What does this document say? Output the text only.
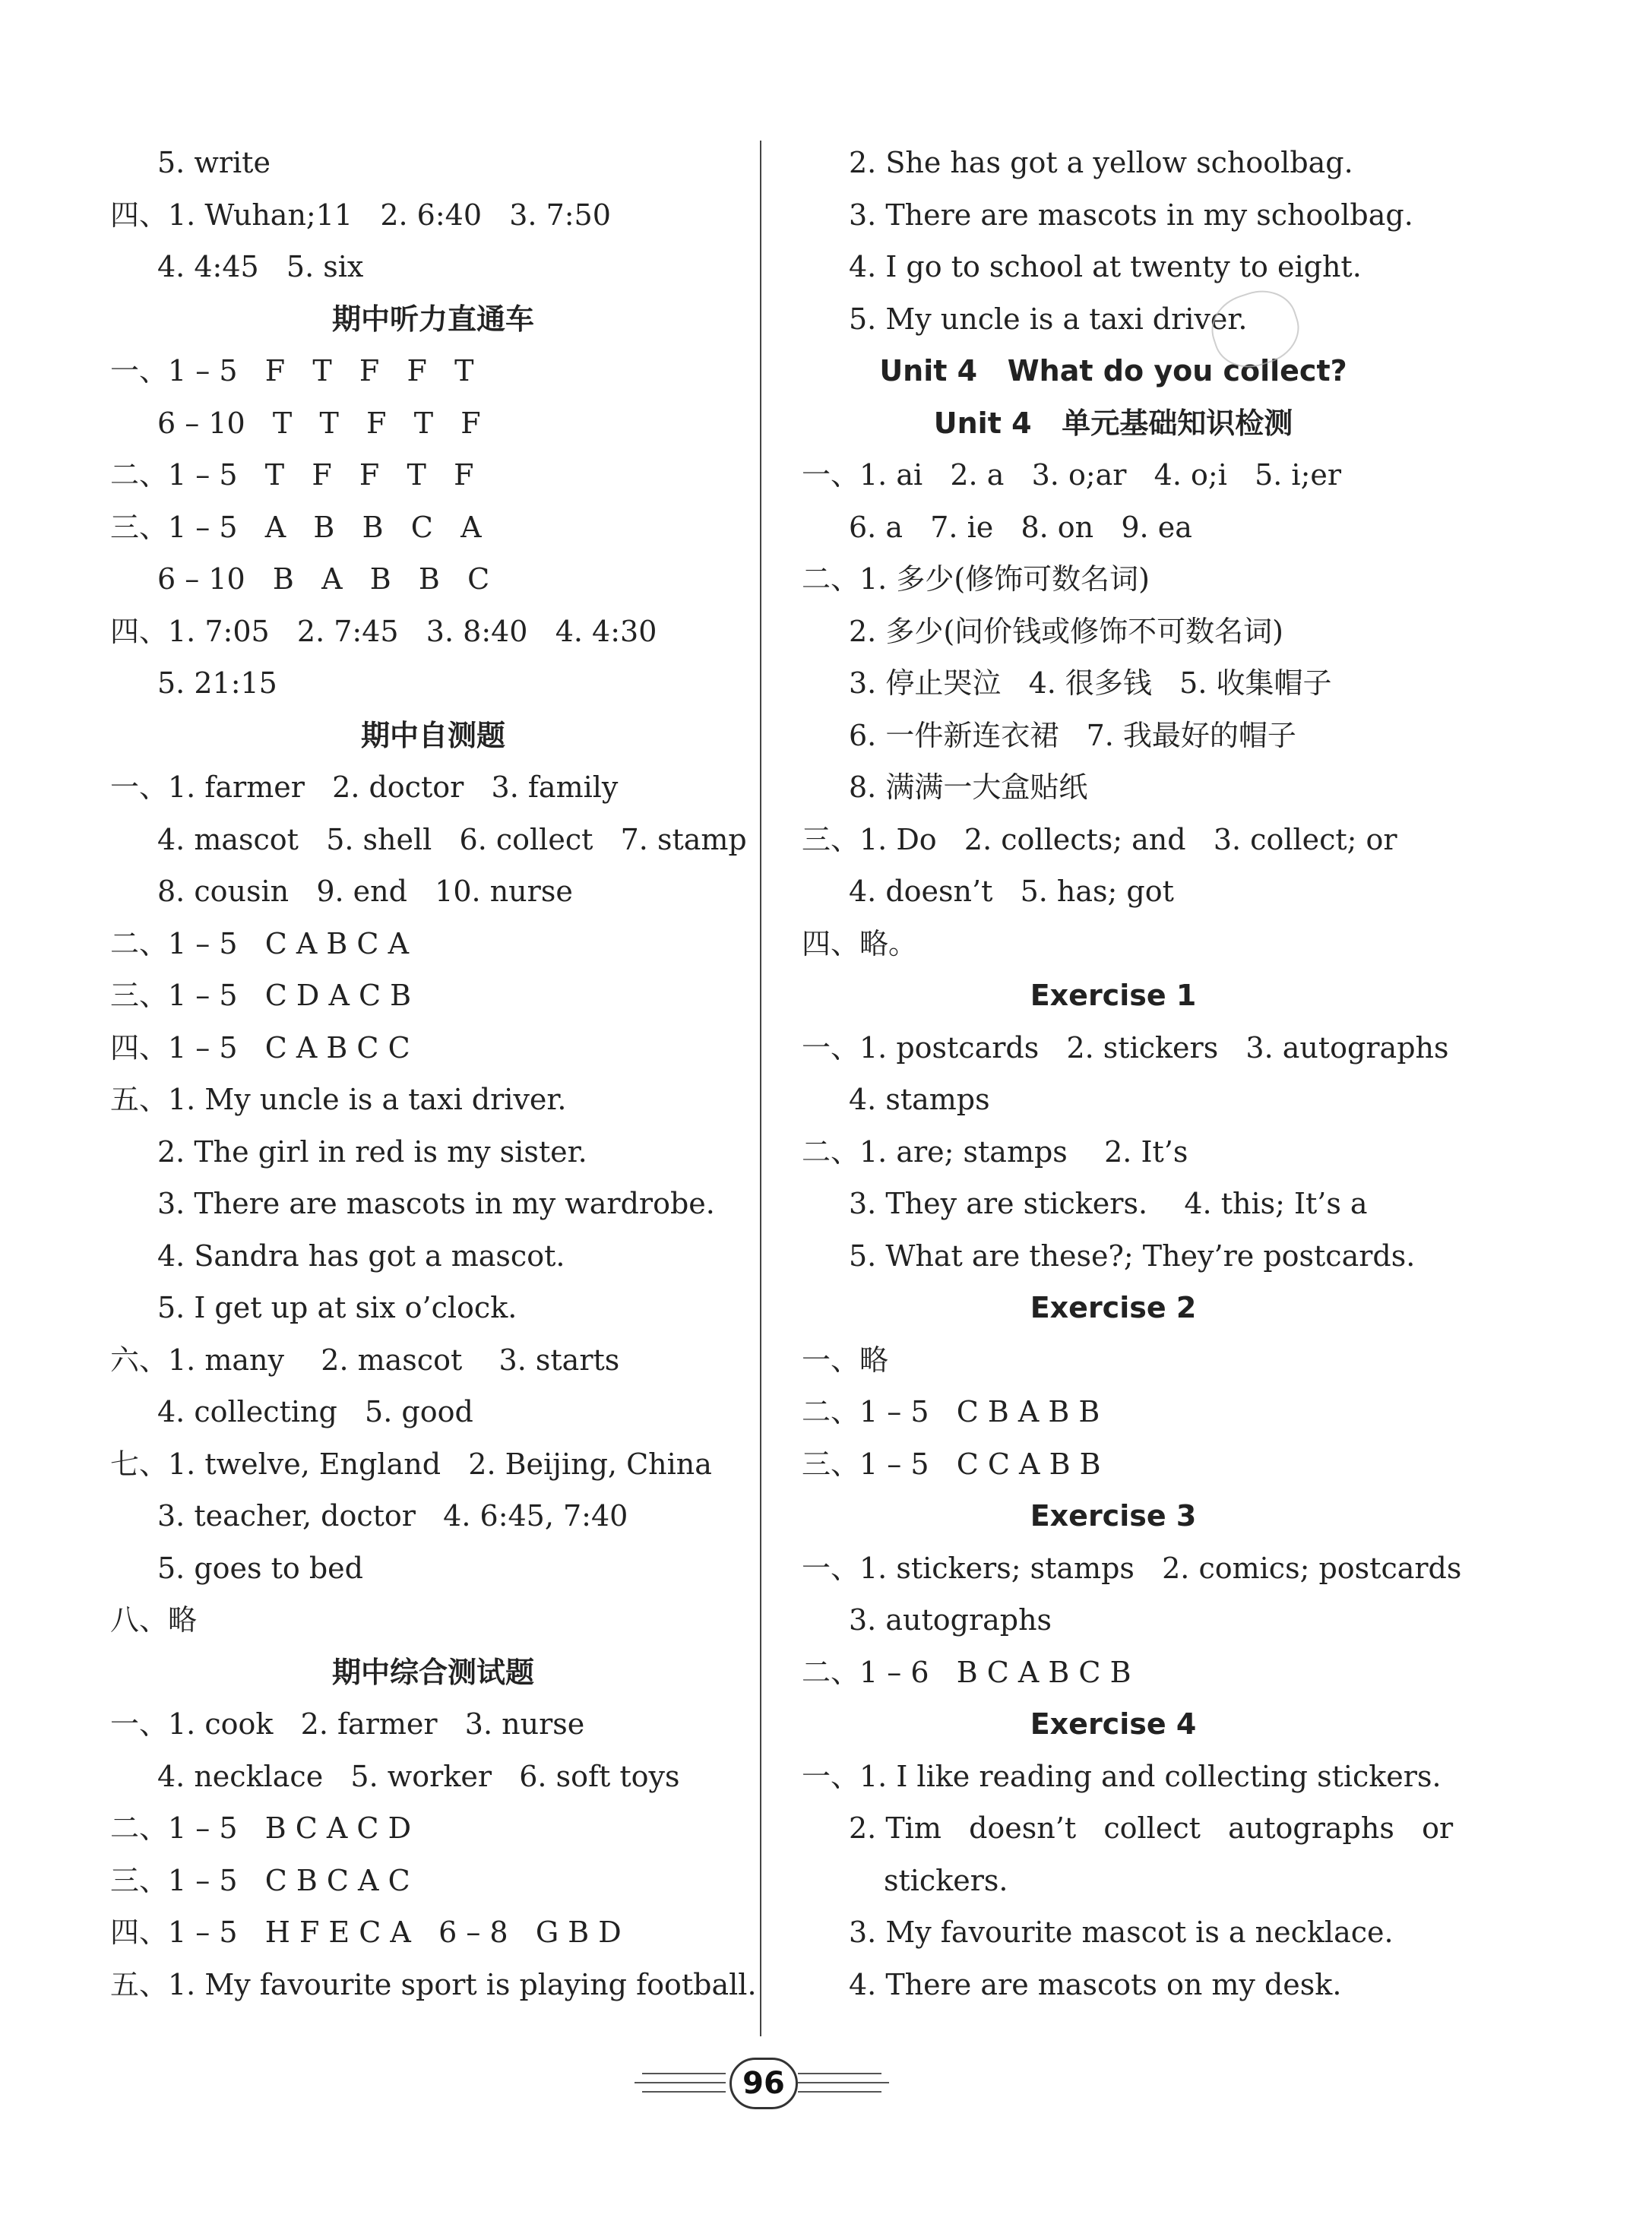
5. write
四、1. Wuhan;11   2. 6:40   3. 7:50
4. 4:45   5. six
期中听力直通车
一、1 – 5   F   T   F   F   T
6 – 10   T   T   F   T   F
二、1 – 5   T   F   F   T   F
三、1 – 5   A   B   B   C   A
6 – 10   B   A   B   B   C
四、1. 7:05   2. 7:45   3. 8:40   4. 4:30
5. 21:15
期中自测题
一、1. farmer   2. doctor   3. family
4. mascot   5. shell   6. collect   7. stamp
8. cousin   9. end   10. nurse
二、1 – 5   C A B C A
三、1 – 5   C D A C B
四、1 – 5   C A B C C
五、1. My uncle is a taxi driver.
2. The girl in red is my sister.
3. There are mascots in my wardrobe.
4. Sandra has got a mascot.
5. I get up at six o’clock.
六、1. many    2. mascot    3. starts
4. collecting   5. good
七、1. twelve, England   2. Beijing, China
3. teacher, doctor   4. 6:45, 7:40
5. goes to bed
八、略
期中综合测试题
一、1. cook   2. farmer   3. nurse
4. necklace   5. worker   6. soft toys
二、1 – 5   B C A C D
三、1 – 5   C B C A C
四、1 – 5   H F E C A   6 – 8   G B D
五、1. My favourite sport is playing football.
2. She has got a yellow schoolbag.
3. There are mascots in my schoolbag.
4. I go to school at twenty to eight.
5. My uncle is a taxi driver.
Unit 4   What do you collect?
Unit 4   单元基础知识检测
一、1. ai   2. a   3. o;ar   4. o;i   5. i;er
6. a   7. ie   8. on   9. ea
二、1. 多少(修饰可数名词)
2. 多少(问价钱或修饰不可数名词)
3. 停止哭泣   4. 很多钱   5. 收集帽子
6. 一件新连衣裙   7. 我最好的帽子
8. 满满一大盒贴纸
三、1. Do   2. collects; and   3. collect; or
4. doesn’t   5. has; got
四、略。
Exercise 1
一、1. postcards   2. stickers   3. autographs
4. stamps
二、1. are; stamps    2. It’s
3. They are stickers.    4. this; It’s a
5. What are these?; They’re postcards.
Exercise 2
一、略
二、1 – 5   C B A B B
三、1 – 5   C C A B B
Exercise 3
一、1. stickers; stamps   2. comics; postcards
3. autographs
二、1 – 6   B C A B C B
Exercise 4
一、1. I like reading and collecting stickers.
2. Tim   doesn’t   collect   autographs   or
stickers.
3. My favourite mascot is a necklace.
4. There are mascots on my desk.
96
